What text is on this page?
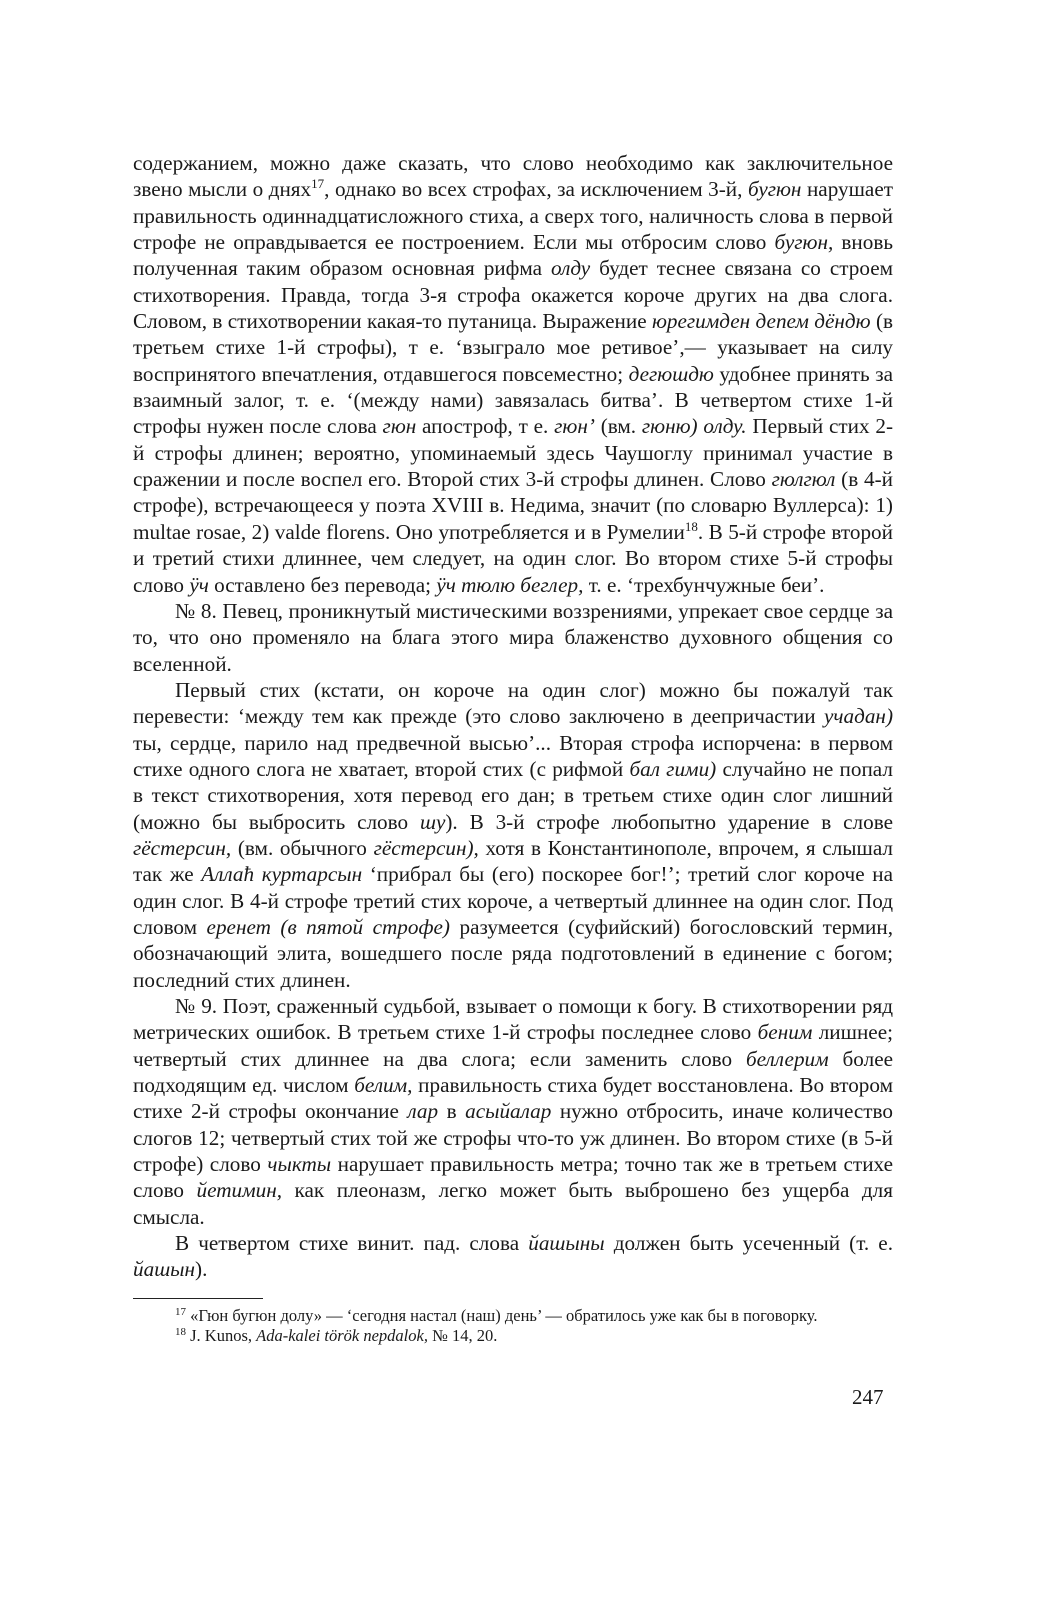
содержанием, можно даже сказать, что слово необходимо как заключительное звено мысли о днях$^{17}$, однако во всех строфах, за исключением 3-й, бугюн нарушает правильность одиннадцатисложного стиха, а сверх того, наличность слова в первой строфе не оправдывается ее построением. Если мы отбросим слово бугюн, вновь полученная таким образом основная рифма олду будет теснее связана со строем стихотворения. Правда, тогда 3-я строфа окажется короче других на два слога. Словом, в стихотворении какая-то путаница. Выражение юрегимден депем дёндю (в третьем стихе 1-й строфы), т е. ‘взыграло мое ретивое’,— указывает на силу воспринятого впечатления, отдавшегося повсеместно; дегюшдю удобнее принять за взаимный залог, т. е. ‘(между нами) завязалась битва’. В четвертом стихе 1-й строфы нужен после слова гюн апостроф, т е. гюн’ (вм. гюню) олду. Первый стих 2-й строфы длинен; вероятно, упоминаемый здесь Чаушоглу принимал участие в сражении и после воспел его. Второй стих 3-й строфы длинен. Слово гюлгюл (в 4-й строфе), встречающееся у поэта XVIII в. Недима, значит (по словарю Вуллерса): 1) multae rosae, 2) valde florens. Оно употребляется и в Румелии$^{18}$. В 5-й строфе второй и третий стихи длиннее, чем следует, на один слог. Во втором стихе 5-й строфы слово ӱч оставлено без перевода; ӱч тюлю беглер, т. е. ‘трехбунчужные беи’.

№ 8. Певец, проникнутый мистическими воззрениями, упрекает свое сердце за то, что оно променяло на блага этого мира блаженство духовного общения со вселенной.

Первый стих (кстати, он короче на один слог) можно бы пожалуй так перевести: ‘между тем как прежде (это слово заключено в деепричастии учадан) ты, сердце, парило над предвечной высью’... Вторая строфа испорчена: в первом стихе одного слога не хватает, второй стих (с рифмой бал гими) случайно не попал в текст стихотворения, хотя перевод его дан; в третьем стихе один слог лишний (можно бы выбросить слово шу). В 3-й строфе любопытно ударение в слове гёстерсин, (вм. обычного гёстерсин), хотя в Константинополе, впрочем, я слышал так же Аллаћ куртарсын ‘прибрал бы (его) поскорее бог!’; третий слог короче на один слог. В 4-й строфе третий стих короче, а четвертый длиннее на один слог. Под словом еренет (в пятой строфе) разумеется (суфийский) богословский термин, обозначающий элита, вошедшего после ряда подготовлений в единение с богом; последний стих длинен.

№ 9. Поэт, сраженный судьбой, взывает о помощи к богу. В стихотворении ряд метрических ошибок. В третьем стихе 1-й строфы последнее слово беним лишнее; четвертый стих длиннее на два слога; если заменить слово беллерим более подходящим ед. числом белим, правильность стиха будет восстановлена. Во втором стихе 2-й строфы окончание лар в асыйалар нужно отбросить, иначе количество слогов 12; четвертый стих той же строфы что-то уж длинен. Во втором стихе (в 5-й строфе) слово чыкты нарушает правильность метра; точно так же в третьем стихе слово йетимин, как плеоназм, легко может быть выброшено без ущерба для смысла.

В четвертом стихе винит. пад. слова йашыны должен быть усеченный (т. е. йашын).

$^{17}$ «Гюн бугюн долу» — ‘сегодня настал (наш) день’ — обратилось уже как бы в поговорку.

$^{18}$ J. Kunos, Ada-kalei török nepdalok, № 14, 20.

247
